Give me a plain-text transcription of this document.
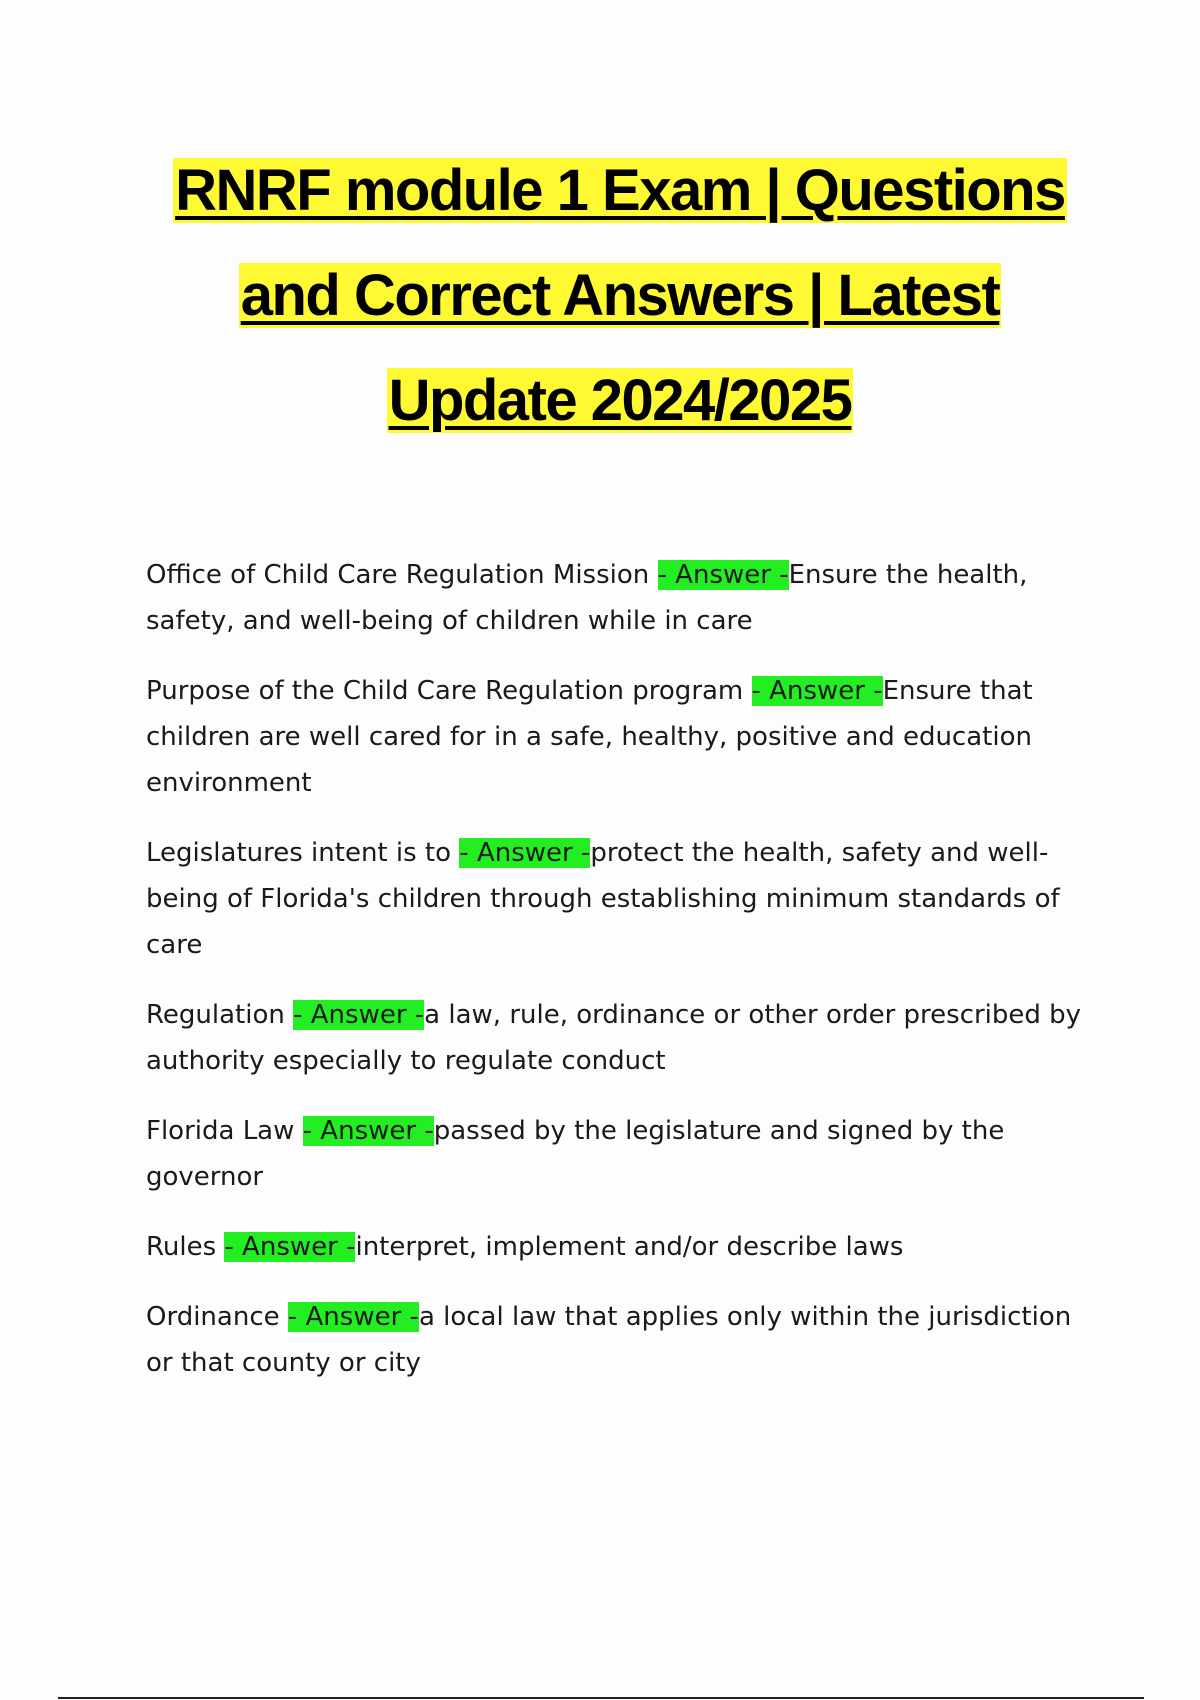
RNRF module 1 Exam | Questions
and Correct Answers | Latest
Update 2024/2025
Office of Child Care Regulation Mission - Answer -Ensure the health, safety, and well-being of children while in care
Purpose of the Child Care Regulation program - Answer -Ensure that children are well cared for in a safe, healthy, positive and education environment
Legislatures intent is to - Answer -protect the health, safety and well-being of Florida's children through establishing minimum standards of care
Regulation - Answer -a law, rule, ordinance or other order prescribed by authority especially to regulate conduct
Florida Law - Answer -passed by the legislature and signed by the governor
Rules - Answer -interpret, implement and/or describe laws
Ordinance - Answer -a local law that applies only within the jurisdiction or that county or city
